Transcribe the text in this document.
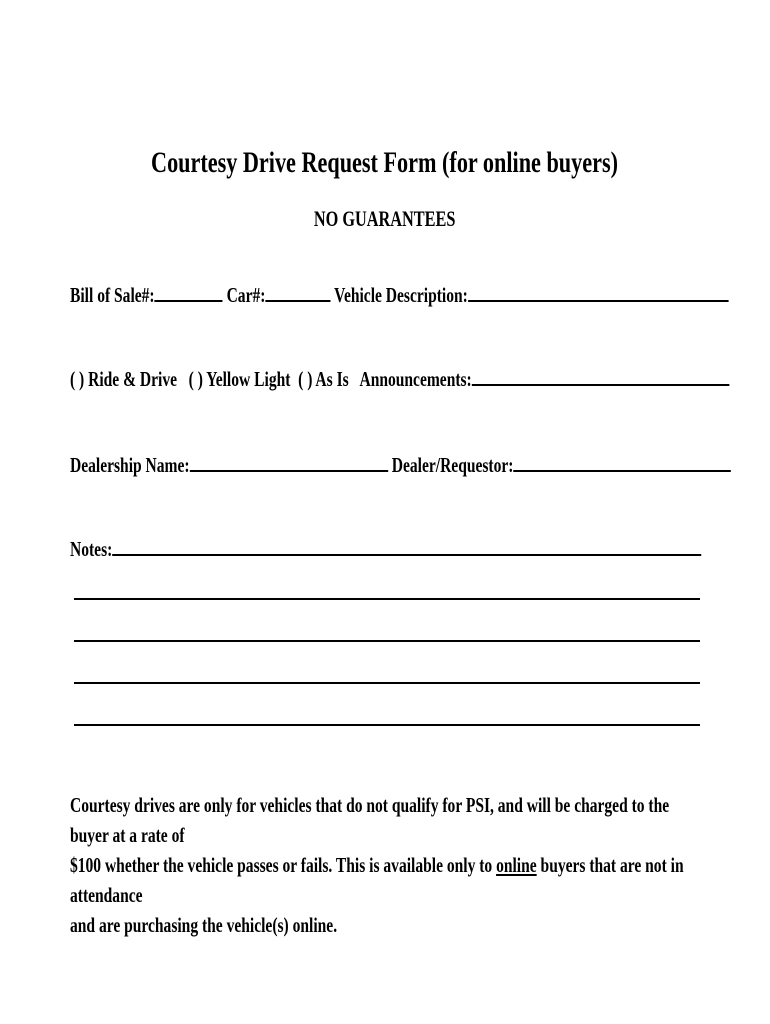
Courtesy Drive Request Form (for online buyers)
NO GUARANTEES
Bill of Sale#:	Car#:	Vehicle Description:
( ) Ride & Drive ( ) Yellow Light ( ) As Is Announcements:
Dealership Name:	Dealer/Requestor:
Notes:
Courtesy drives are only for vehicles that do not qualify for PSI, and will be charged to the buyer at a rate of
$100 whether the vehicle passes or fails. This is available only to online buyers that are not in attendance
and are purchasing the vehicle(s) online.
